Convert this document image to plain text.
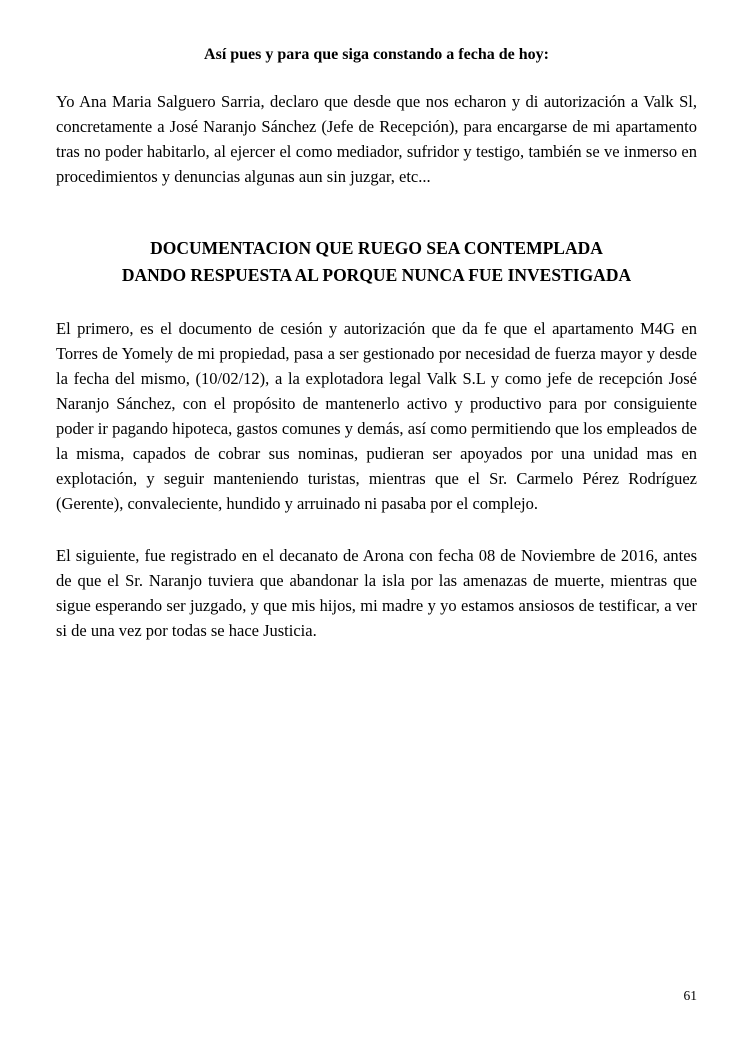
Así pues y para que siga constando a fecha de hoy:

Yo Ana Maria Salguero Sarria, declaro que desde que nos echaron y di autorización a Valk Sl, concretamente a José Naranjo Sánchez (Jefe de Recepción), para encargarse de mi apartamento tras no poder habitarlo, al ejercer el como mediador, sufridor y testigo, también se ve inmerso en procedimientos y denuncias algunas aun sin juzgar, etc...

DOCUMENTACION QUE RUEGO SEA CONTEMPLADA
DANDO RESPUESTA AL PORQUE NUNCA FUE INVESTIGADA

El primero, es el documento de cesión y autorización que da fe que el apartamento M4G en Torres de Yomely de mi propiedad, pasa a ser gestionado por necesidad de fuerza mayor y desde la fecha del mismo, (10/02/12), a la explotadora legal Valk S.L y como jefe de recepción José Naranjo Sánchez, con el propósito de mantenerlo activo y productivo para por consiguiente poder ir pagando hipoteca, gastos comunes y demás, así como permitiendo que los empleados de la misma, capados de cobrar sus nominas, pudieran ser apoyados por una unidad mas en explotación, y seguir manteniendo turistas, mientras que el Sr. Carmelo Pérez Rodríguez (Gerente), convaleciente, hundido y arruinado ni pasaba por el complejo.

El siguiente, fue registrado en el decanato de Arona con fecha 08 de Noviembre de 2016, antes de que el Sr. Naranjo tuviera que abandonar la isla por las amenazas de muerte, mientras que sigue esperando ser juzgado, y que mis hijos, mi madre y yo estamos ansiosos de testificar, a ver si de una vez por todas se hace Justicia.

61
